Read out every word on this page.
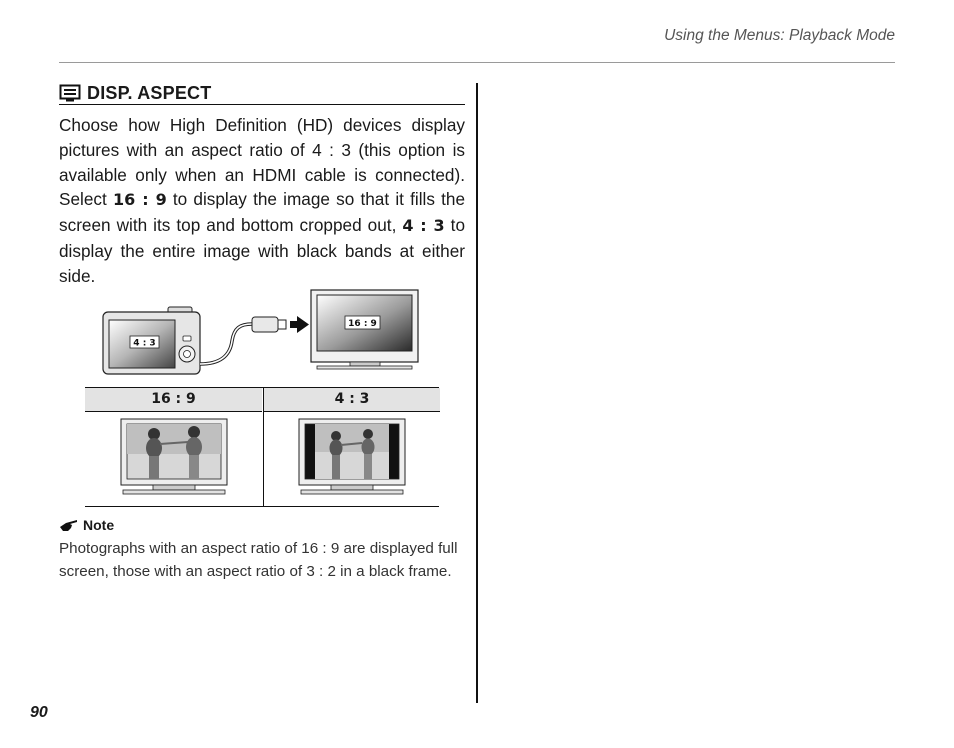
Using the Menus: Playback Mode
DISP. ASPECT
Choose how High Definition (HD) devices display pictures with an aspect ratio of 4 : 3 (this option is available only when an HDMI cable is connected). Select 16 : 9 to display the image so that it fills the screen with its top and bottom cropped out, 4 : 3 to display the entire image with black bands at either side.
4 : 3
16 : 9
16 : 9	4 : 3
Note
Photographs with an aspect ratio of 16 : 9 are displayed full screen, those with an aspect ratio of 3 : 2 in a black frame.
90
